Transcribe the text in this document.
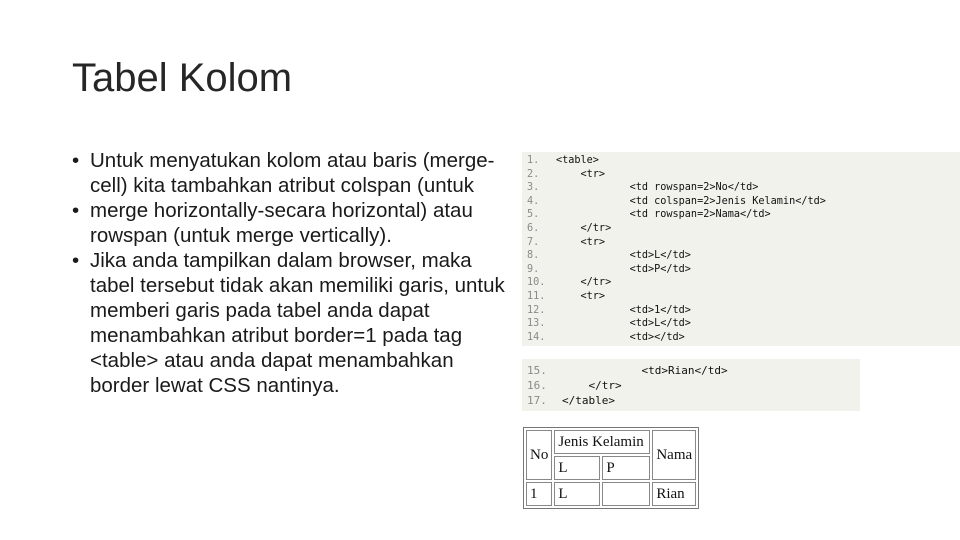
Tabel Kolom
• Untuk menyatukan kolom atau baris (merge-cell) kita tambahkan atribut colspan (untuk
• merge horizontally-secara horizontal) atau rowspan (untuk merge vertically).
• Jika anda tampilkan dalam browser, maka tabel tersebut tidak akan memiliki garis, untuk memberi garis pada tabel anda dapat menambahkan atribut border=1 pada tag <table> atau anda dapat menambahkan border lewat CSS nantinya.
1.	<table>
2.	<tr>
3.	<td rowspan=2>No</td>
4.	<td colspan=2>Jenis Kelamin</td>
5.	<td rowspan=2>Nama</td>
6.	</tr>
7.	<tr>
8.	<td>L</td>
9.	<td>P</td>
10.	</tr>
11.	<tr>
12.	<td>1</td>
13.	<td>L</td>
14.	<td></td>
15.	<td>Rian</td>
16.	</tr>
17.	</table>
No	Jenis Kelamin		Nama
	L	P	
1	L		Rian
